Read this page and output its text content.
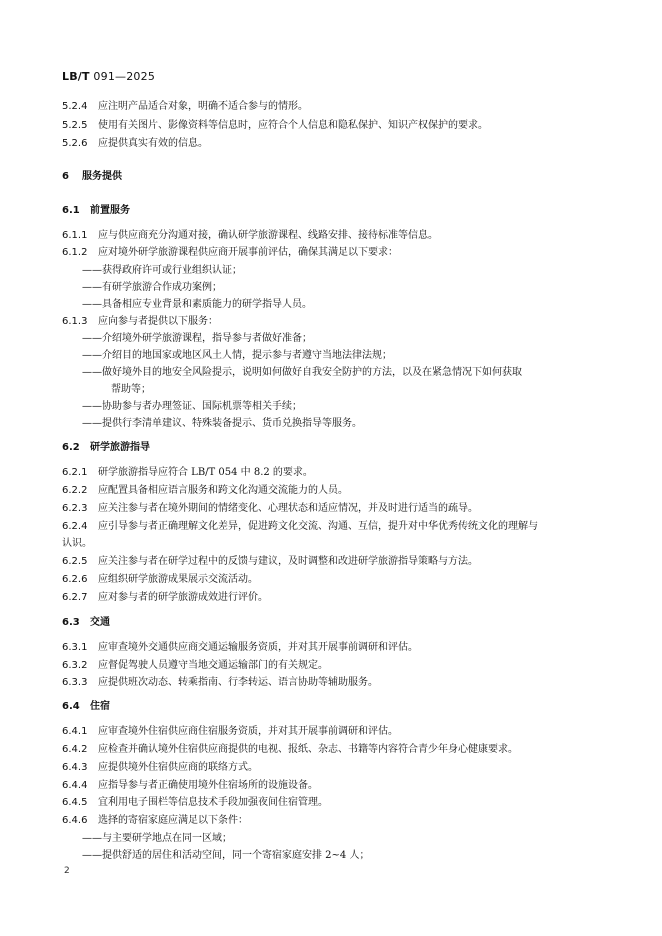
LB/T 091—2025
5.2.4 应注明产品适合对象，明确不适合参与的情形。
5.2.5 使用有关图片、影像资料等信息时，应符合个人信息和隐私保护、知识产权保护的要求。
5.2.6 应提供真实有效的信息。
6 服务提供
6.1 前置服务
6.1.1 应与供应商充分沟通对接，确认研学旅游课程、线路安排、接待标准等信息。
6.1.2 应对境外研学旅游课程供应商开展事前评估，确保其满足以下要求：
——获得政府许可或行业组织认证；
——有研学旅游合作成功案例；
——具备相应专业背景和素质能力的研学指导人员。
6.1.3 应向参与者提供以下服务：
——介绍境外研学旅游课程，指导参与者做好准备；
——介绍目的地国家或地区风土人情，提示参与者遵守当地法律法规；
——做好境外目的地安全风险提示，说明如何做好自我安全防护的方法，以及在紧急情况下如何获取
帮助等；
——协助参与者办理签证、国际机票等相关手续；
——提供行李清单建议、特殊装备提示、货币兑换指导等服务。
6.2 研学旅游指导
6.2.1 研学旅游指导应符合 LB/T 054 中 8.2 的要求。
6.2.2 应配置具备相应语言服务和跨文化沟通交流能力的人员。
6.2.3 应关注参与者在境外期间的情绪变化、心理状态和适应情况，并及时进行适当的疏导。
6.2.4 应引导参与者正确理解文化差异，促进跨文化交流、沟通、互信，提升对中华优秀传统文化的理解与
认识。
6.2.5 应关注参与者在研学过程中的反馈与建议，及时调整和改进研学旅游指导策略与方法。
6.2.6 应组织研学旅游成果展示交流活动。
6.2.7 应对参与者的研学旅游成效进行评价。
6.3 交通
6.3.1 应审查境外交通供应商交通运输服务资质，并对其开展事前调研和评估。
6.3.2 应督促驾驶人员遵守当地交通运输部门的有关规定。
6.3.3 应提供班次动态、转乘指南、行李转运、语言协助等辅助服务。
6.4 住宿
6.4.1 应审查境外住宿供应商住宿服务资质，并对其开展事前调研和评估。
6.4.2 应检查并确认境外住宿供应商提供的电视、报纸、杂志、书籍等内容符合青少年身心健康要求。
6.4.3 应提供境外住宿供应商的联络方式。
6.4.4 应指导参与者正确使用境外住宿场所的设施设备。
6.4.5 宜利用电子围栏等信息技术手段加强夜间住宿管理。
6.4.6 选择的寄宿家庭应满足以下条件：
——与主要研学地点在同一区域；
——提供舒适的居住和活动空间，同一个寄宿家庭安排 2~4 人；
2
